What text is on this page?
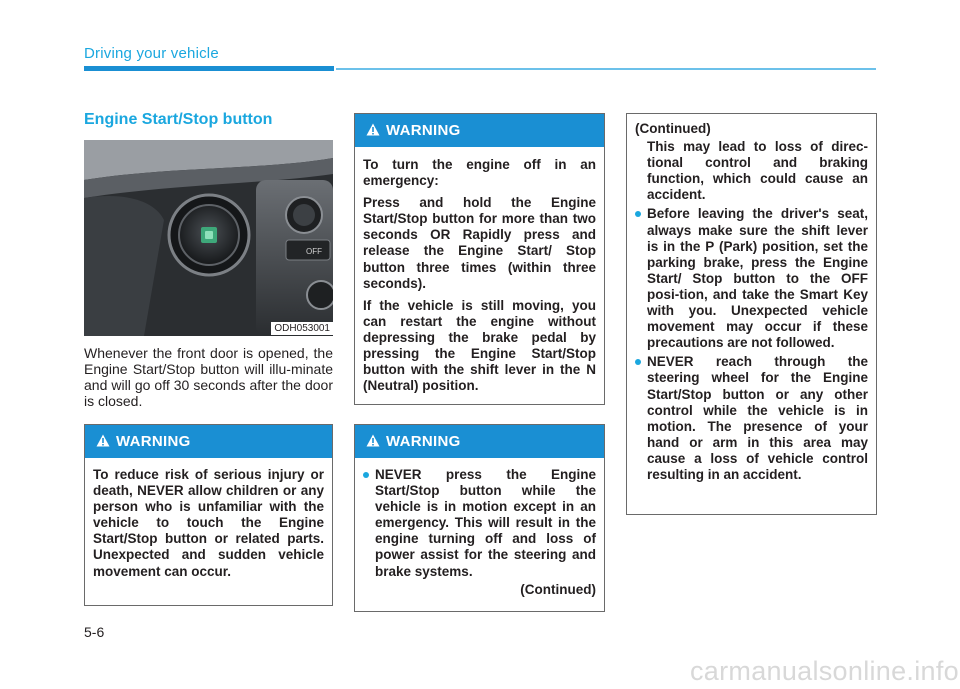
Driving your vehicle
Engine Start/Stop button
OFF
ODH053001
Whenever the front door is opened, the Engine Start/Stop button will illu-minate and will go off 30 seconds after the door is closed.
WARNING

To reduce risk of serious injury or death, NEVER allow children or any person who is unfamiliar with the vehicle to touch the Engine Start/Stop button or related parts. Unexpected and sudden vehicle movement can occur.

WARNING

To turn the engine off in an emergency:

Press and hold the Engine Start/Stop button for more than two seconds OR Rapidly press and release the Engine Start/ Stop button three times (within three seconds).

If the vehicle is still moving, you can restart the engine without depressing the brake pedal by pressing the Engine Start/Stop button with the shift lever in the N (Neutral) position.

WARNING
NEVER press the Engine Start/Stop button while the vehicle is in motion except in an emergency. This will result in the engine turning off and loss of power assist for the steering and brake systems.
(Continued)

(Continued)

This may lead to loss of direc-tional control and braking function, which could cause an accident.

Before leaving the driver's seat, always make sure the shift lever is in the P (Park) position, set the parking brake, press the Engine Start/ Stop button to the OFF posi-tion, and take the Smart Key with you. Unexpected vehicle movement may occur if these precautions are not followed.
NEVER reach through the steering wheel for the Engine Start/Stop button or any other control while the vehicle is in motion. The presence of your hand or arm in this area may cause a loss of vehicle control resulting in an accident.
5-6
carmanualsonline.info
